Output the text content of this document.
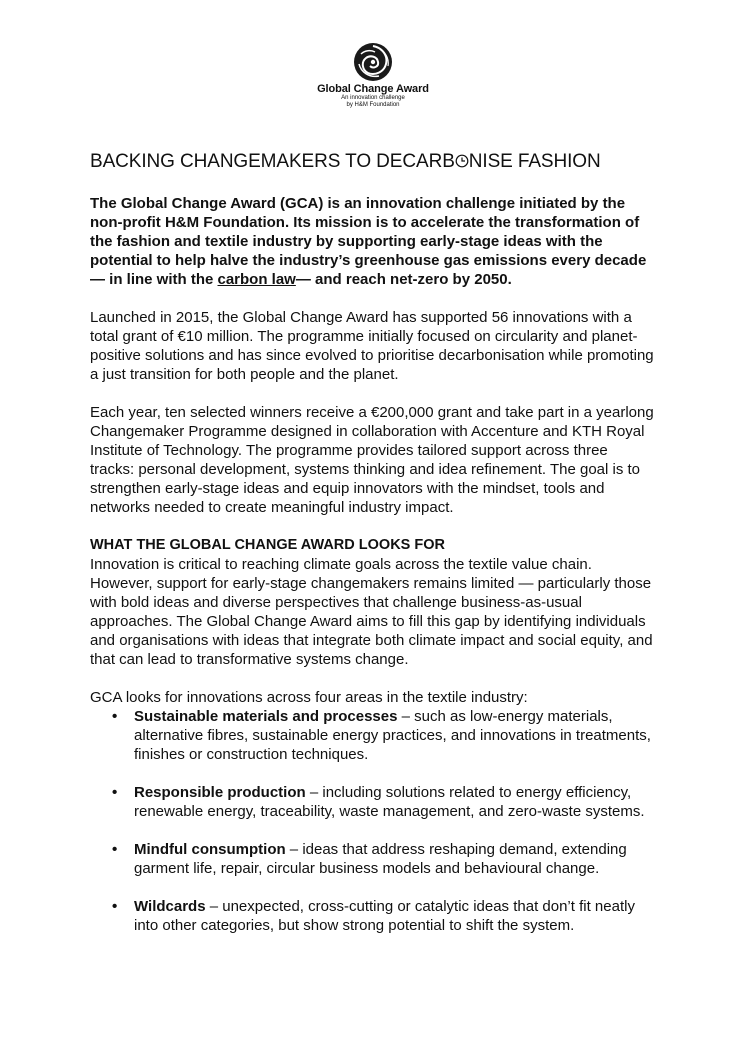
Global Change Award
An innovation challenge
by H&M Foundation
BACKING CHANGEMAKERS TO DECARB NISE FASHION

The Global Change Award (GCA) is an innovation challenge initiated by the non-profit H&M Foundation. Its mission is to accelerate the transformation of the fashion and textile industry by supporting early-stage ideas with the potential to help halve the industry’s greenhouse gas emissions every decade — in line with the carbon law— and reach net-zero by 2050.

Launched in 2015, the Global Change Award has supported 56 innovations with a total grant of €10 million. The programme initially focused on circularity and planet-positive solutions and has since evolved to prioritise decarbonisation while promoting a just transition for both people and the planet.

Each year, ten selected winners receive a €200,000 grant and take part in a yearlong Changemaker Programme designed in collaboration with Accenture and KTH Royal Institute of Technology. The programme provides tailored support across three tracks: personal development, systems thinking and idea refinement. The goal is to strengthen early-stage ideas and equip innovators with the mindset, tools and networks needed to create meaningful industry impact.

WHAT THE GLOBAL CHANGE AWARD LOOKS FOR

Innovation is critical to reaching climate goals across the textile value chain. However, support for early-stage changemakers remains limited — particularly those with bold ideas and diverse perspectives that challenge business-as-usual approaches. The Global Change Award aims to fill this gap by identifying individuals and organisations with ideas that integrate both climate impact and social equity, and that can lead to transformative systems change.

GCA looks for innovations across four areas in the textile industry:

• Sustainable materials and processes – such as low-energy materials, alternative fibres, sustainable energy practices, and innovations in treatments, finishes or construction techniques.
• Responsible production – including solutions related to energy efficiency, renewable energy, traceability, waste management, and zero-waste systems.
• Mindful consumption – ideas that address reshaping demand, extending garment life, repair, circular business models and behavioural change.
• Wildcards – unexpected, cross-cutting or catalytic ideas that don’t fit neatly into other categories, but show strong potential to shift the system.
